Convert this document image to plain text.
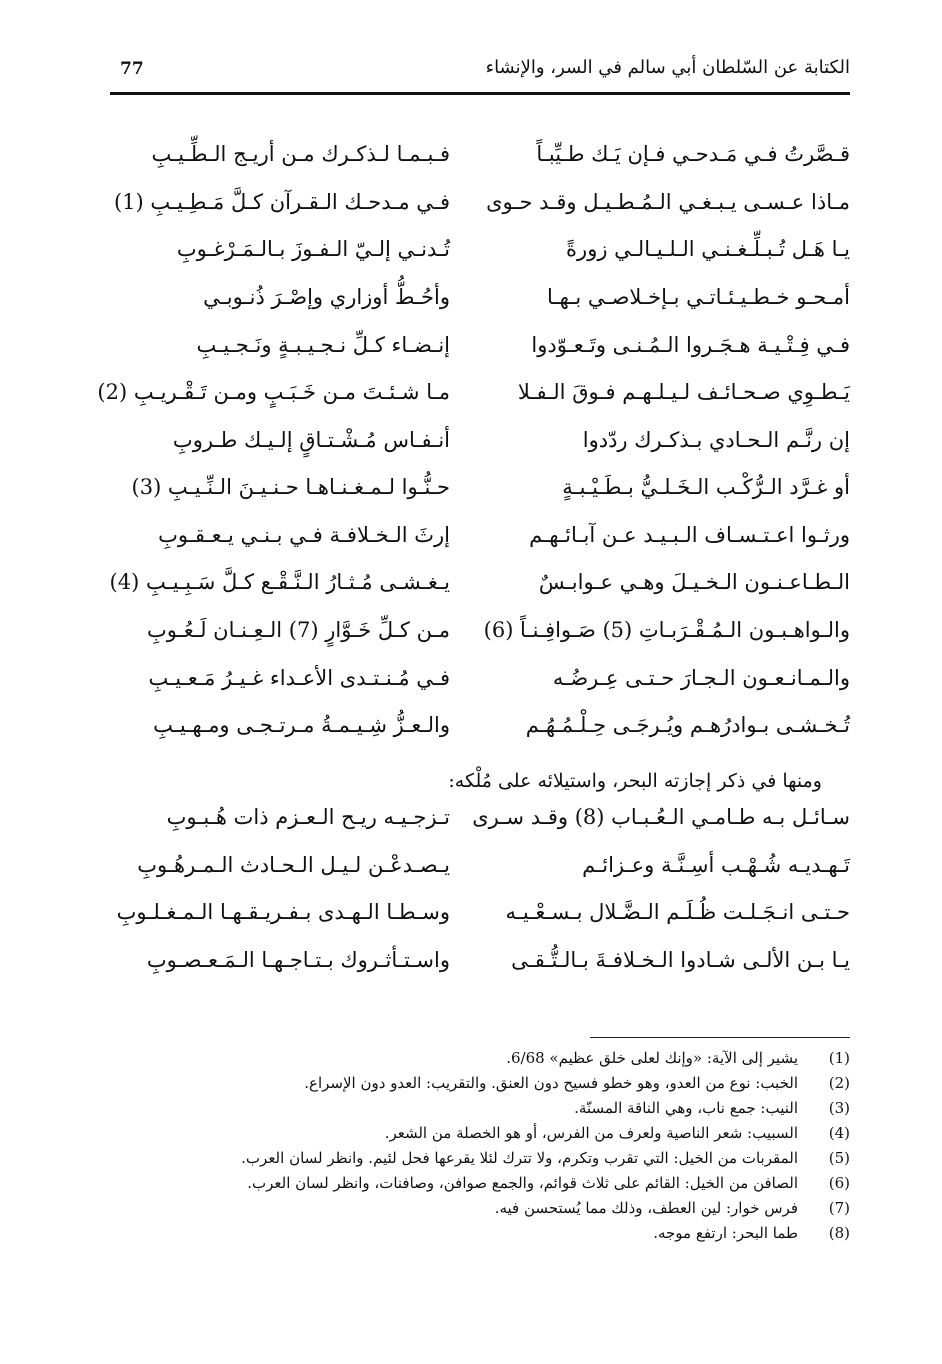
77	الكتابة عن السّلطان أبي سالم في السر، والإنشاء
قـصَّرتُ فـي مَـدحـي فـإن يَـك طـيِّبـاً
فـبـمـا لـذكـرك مـن أريـج الـطِّـيـبِ
مـاذا عـسـى يـبـغـي الـمُـطـيـل وقـد حـوى
فـي مـدحـك الـقـرآن كـلَّ مَـطِـيـبِ (1)
يـا هَـل تُـبـلِّـغـنـي الـلـيـالـي زورةً
تُـدنـي إلـيّ الـفـوزَ بـالـمَـرْغـوبِ
أمـحـو خـطـيـئـاتـي بـإخـلاصـي بـهـا
وأحُـطُّ أوزاري وإصْـرَ ذُنـوبـي
فـي فِـتْـيـة هـجَـروا الـمُـنـى وتَـعـوّدوا
إنـضـاء كـلِّ نـجـيـبـةٍ ونَـجـيـبِ
يَـطـوِي صـحـائـف لـيـلـهـم فـوقَ الـفـلا
مـا شـئـتَ مـن خَـبَـبٍ ومـن تَـقْـريـبِ (2)
إن رنَّـم الـحـادي بـذكـرك ردّدوا
أنـفـاس مُـشْـتـاقٍ إلـيـك طـروبِ
أو غـرَّد الـرُّكْـب الـخَـلـيُّ بـطَـيْـبـةٍ
حـنُّـوا لـمـغـنـاهـا حـنـيـنَ الـنِّـيـبِ (3)
ورثـوا اعـتـسـاف الـبـيـد عـن آبـائـهـم
إرثَ الـخـلافـة فـي بـنـي يـعـقـوبِ
الـطـاعـنـون الـخـيـلَ وهـي عـوابـسٌ
يـغـشـى مُـثـارُ الـنَّـقْـع كـلَّ سَـبِـيـبِ (4)
والـواهـبـون الـمُـقْـرَبـاتِ (5) صَـوافِـنـاً (6)
مـن كـلِّ خَـوَّارٍ (7) الـعِـنـان لَـعُـوبِ
والـمـانـعـون الـجـارَ حـتـى عِـرضُـه
فـي مُـنـتـدى الأعـداء غـيـرُ مَـعـيـبِ
تُـخـشـى بـوادرُهـم ويُـرجَـى حِـلْـمُـهُـم
والـعـزُّ شِـيـمـةُ مـرتـجـى ومـهـيـبِ
ومنها في ذكر إجازته البحر، واستيلائه على مُلْكه:
سـائـل بـه طـامـي الـعُـبـاب (8) وقـد سـرى
تـزجـيـه ريـح الـعـزم ذات هُـبـوبِ
تَـهـديـه شُـهْـب أسِـنَّـة وعـزائـم
يـصـدعْـن لـيـل الـحـادث الـمـرهُـوبِ
حـتـى انـجَـلـت ظُـلَـم الـضَّـلال بـسـعْـيـه
وسـطـا الـهـدى بـفـريـقـهـا الـمـغـلـوبِ
يـا بـن الألـى شـادوا الـخـلافـةَ بـالـتُّـقـى
واسـتـأثـروك بـتـاجـهـا الـمَـعـصـوبِ
(1)
يشير إلى الآية: «وإنك لعلى خلق عظيم» 6/68.
(2)
الخبب: نوع من العدو، وهو خطو فسيح دون العنق. والتقريب: العدو دون الإسراع.
(3)
النيب: جمع ناب، وهي الناقة المسنّة.
(4)
السبيب: شعر الناصية ولعرف من الفرس، أو هو الخصلة من الشعر.
(5)
المقربات من الخيل: التي تقرب وتكرم، ولا تترك لئلا يقرعها فحل لئيم. وانظر لسان العرب.
(6)
الصافن من الخيل: القائم على ثلاث قوائم، والجمع صوافن، وصافنات، وانظر لسان العرب.
(7)
فرس خوار: لين العطف، وذلك مما يُستحسن فيه.
(8)
طما البحر: ارتفع موجه.
